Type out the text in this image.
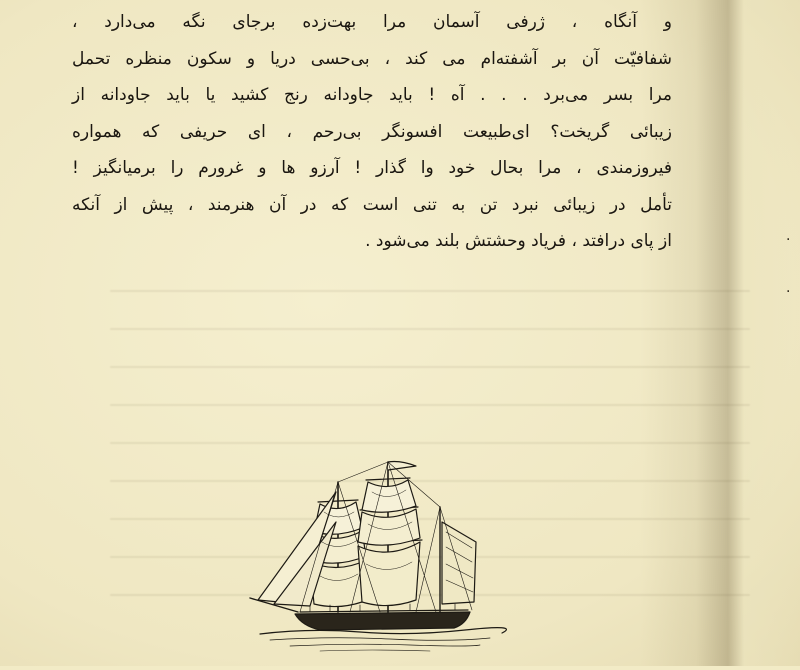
و آنگاه ، ژرفی آسمان مرا بهت‌زده برجای نگه می‌دارد ،
شفافیّت آن بر آشفته‌ام می کند ، بی‌حسی دریا و سکون منظره تحمل
مرا بسر می‌برد . . . آه ! باید جاودانه رنج کشید یا باید جاودانه از
زیبائی گریخت؟ ای‌طبیعت افسونگر بی‌رحم ، ای حریفی که همواره
فیروزمندی ، مرا بحال خود وا گذار ! آرزو ها و غرورم را برمیانگیز !
تأمل در زیبائی‌ نبرد تن به تنی است که در آن هنرمند ، پیش از آنکه
از پای درافتد ، فریاد وحشتش بلند می‌شود .	·
·
